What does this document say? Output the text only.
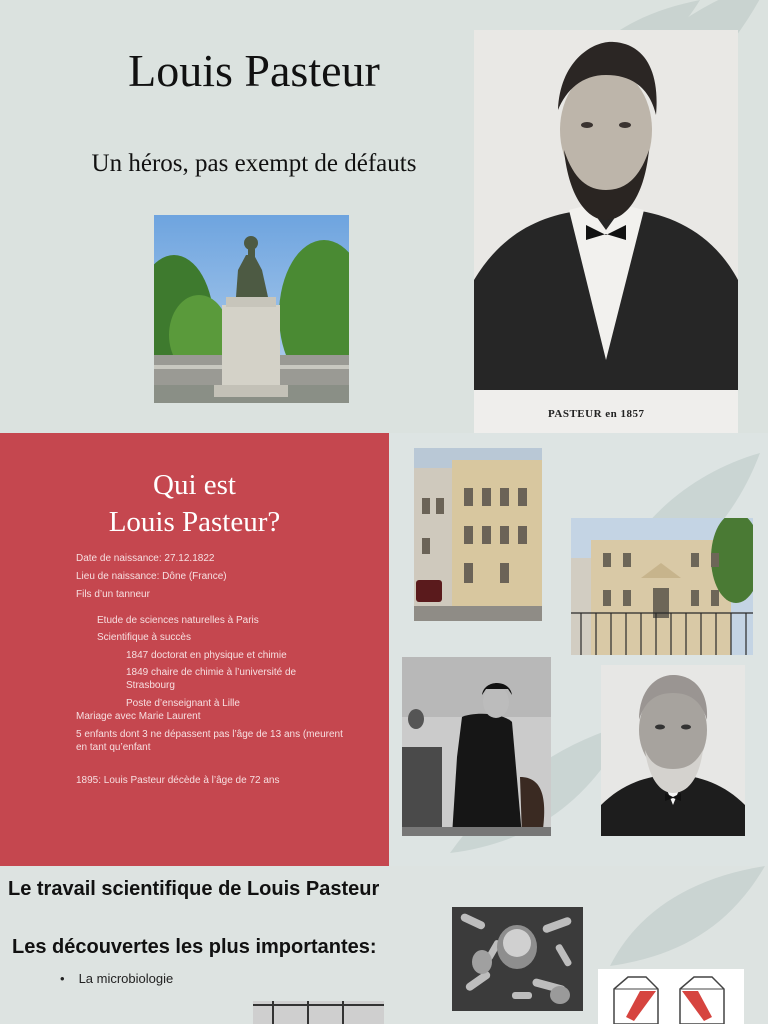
Louis Pasteur
Un héros, pas exempt de défauts
PASTEUR en 1857
Qui est
Louis Pasteur?
Date de naissance: 27.12.1822
Lieu de naissance: Dône (France)
Fils d’un tanneur
Etude de sciences naturelles à Paris
Scientifique à succès
1847 doctorat en physique et chimie
1849 chaire de chimie à l’université de Strasbourg
Poste d’enseignant à Lille
Mariage avec Marie Laurent
5 enfants dont 3 ne dépassent pas l’âge de 13 ans (meurent en tant qu’enfant
1895: Louis Pasteur décède à l’âge de 72 ans
Le travail scientifique de Louis Pasteur
Les découvertes les plus importantes:
• La microbiologie
